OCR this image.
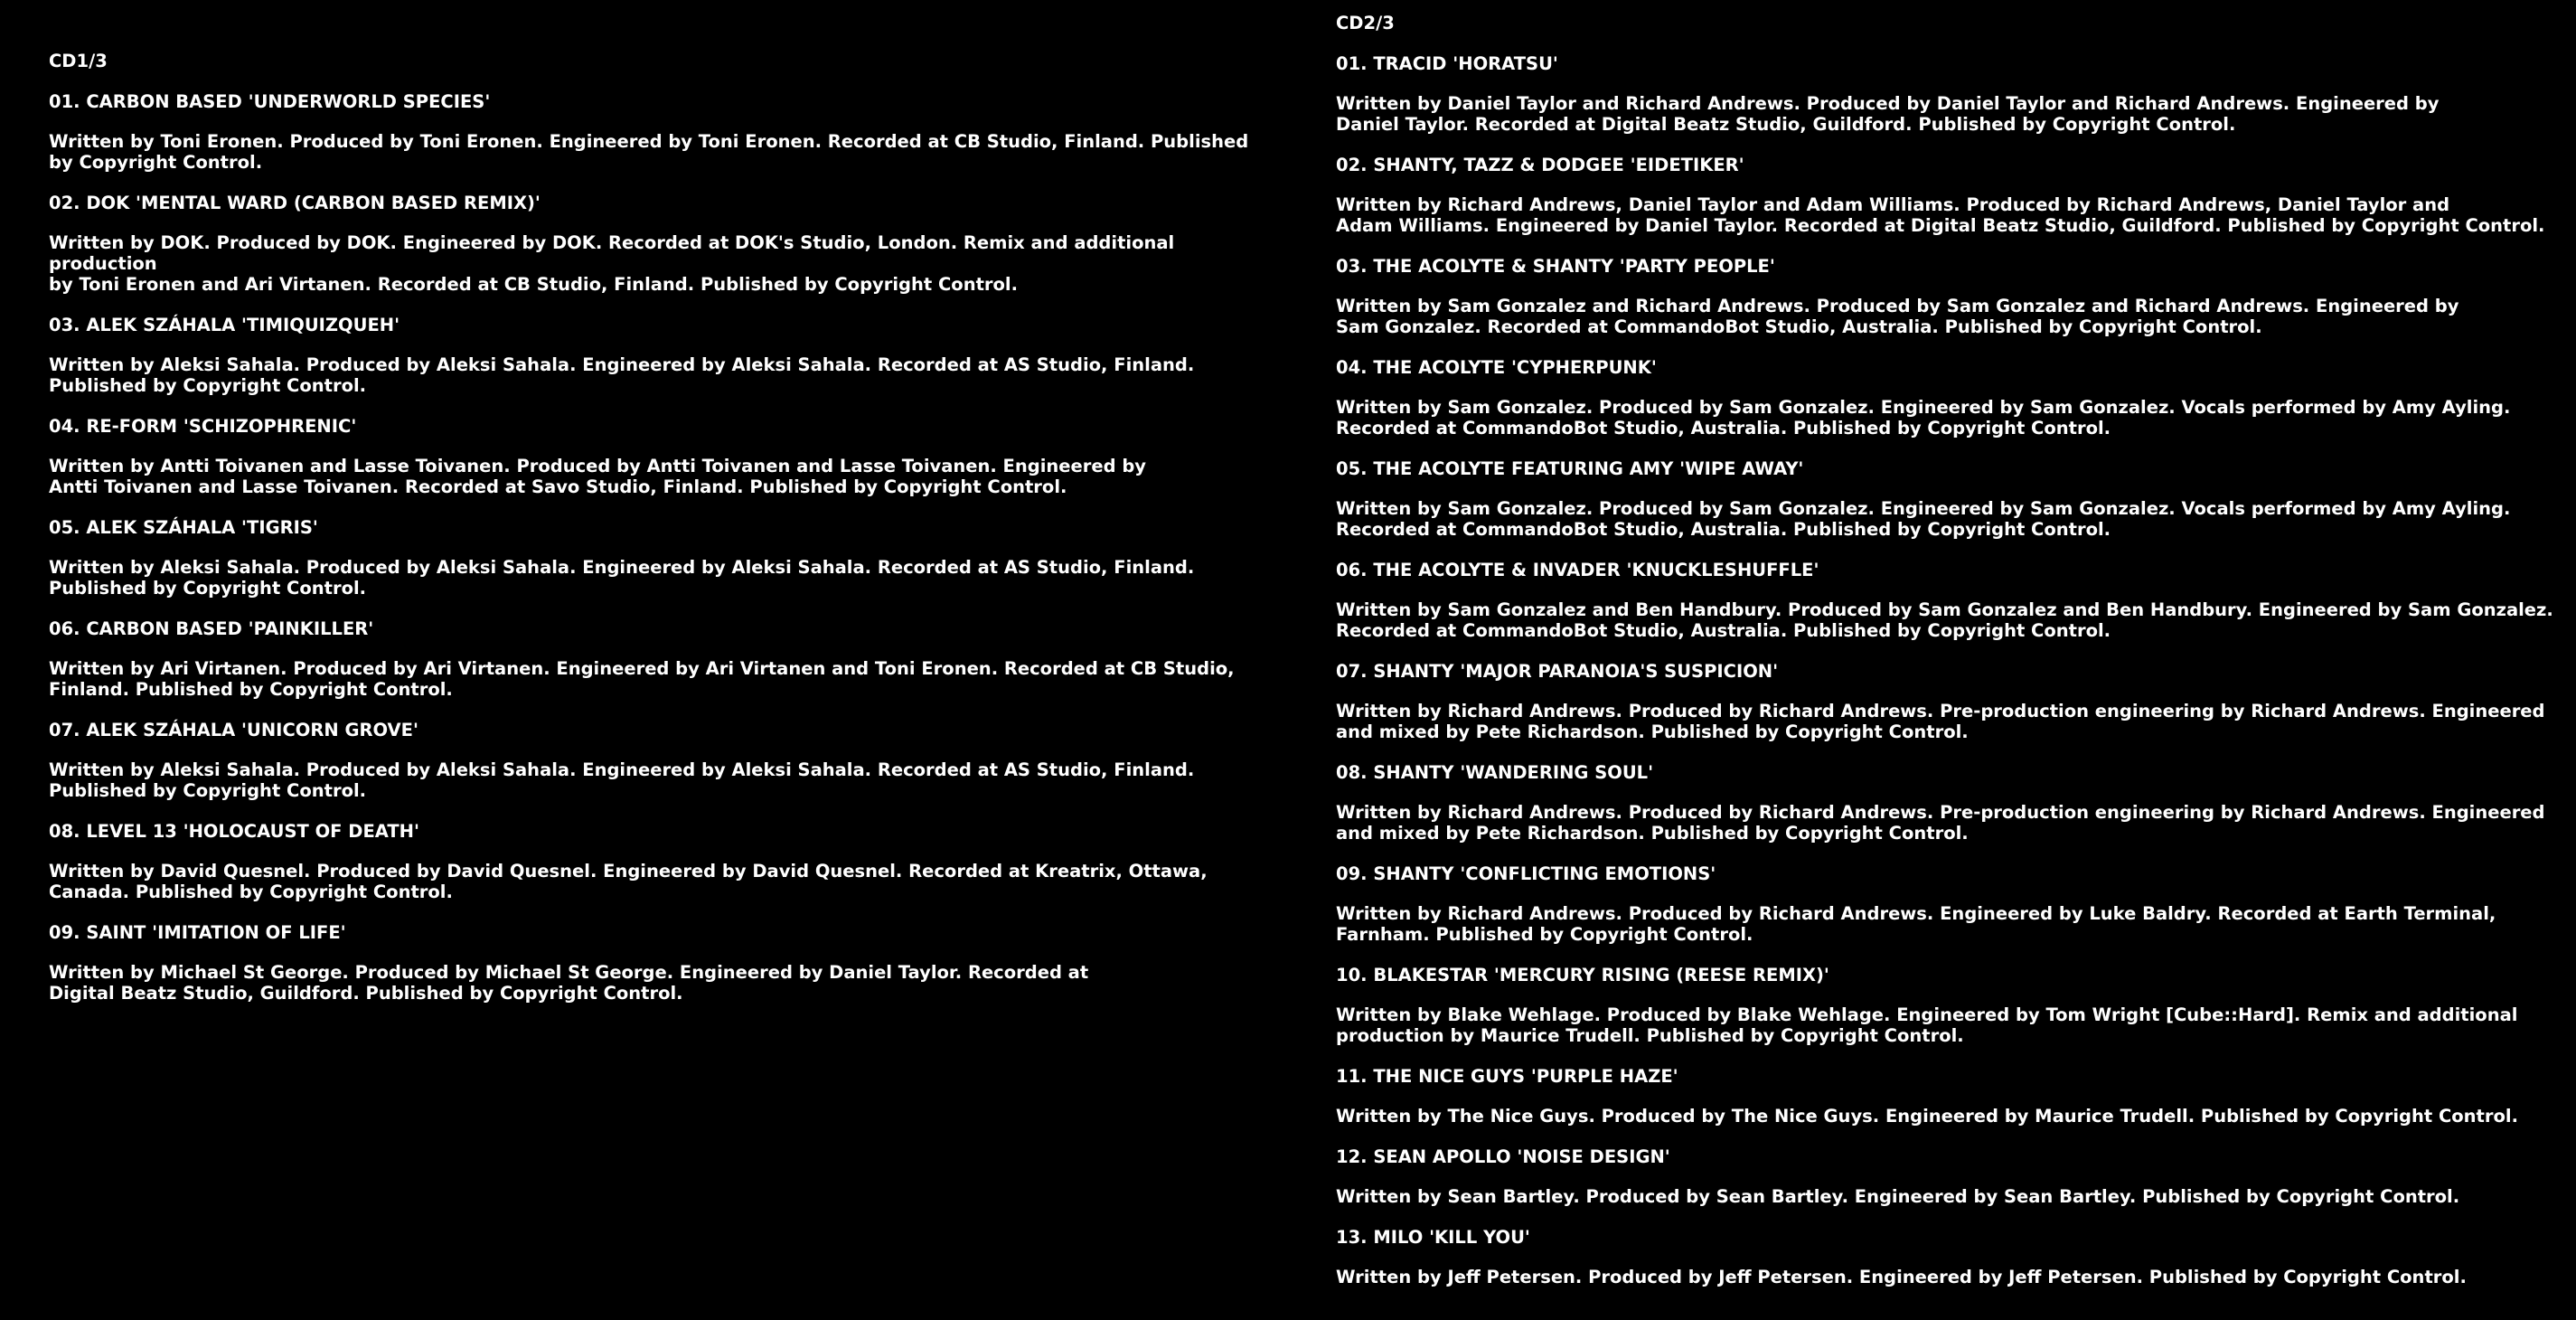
CD1/3
01. CARBON BASED 'UNDERWORLD SPECIES'
Written by Toni Eronen. Produced by Toni Eronen. Engineered by Toni Eronen. Recorded at CB Studio, Finland. Published
by Copyright Control.
02. DOK 'MENTAL WARD (CARBON BASED REMIX)'
Written by DOK. Produced by DOK. Engineered by DOK. Recorded at DOK's Studio, London. Remix and additional production
by Toni Eronen and Ari Virtanen. Recorded at CB Studio, Finland. Published by Copyright Control.
03. ALEK SZÁHALA 'TIMIQUIZQUEH'
Written by Aleksi Sahala. Produced by Aleksi Sahala. Engineered by Aleksi Sahala. Recorded at AS Studio, Finland.
Published by Copyright Control.
04. RE-FORM 'SCHIZOPHRENIC'
Written by Antti Toivanen and Lasse Toivanen. Produced by Antti Toivanen and Lasse Toivanen. Engineered by
Antti Toivanen and Lasse Toivanen. Recorded at Savo Studio, Finland. Published by Copyright Control.
05. ALEK SZÁHALA 'TIGRIS'
Written by Aleksi Sahala. Produced by Aleksi Sahala. Engineered by Aleksi Sahala. Recorded at AS Studio, Finland.
Published by Copyright Control.
06. CARBON BASED 'PAINKILLER'
Written by Ari Virtanen. Produced by Ari Virtanen. Engineered by Ari Virtanen and Toni Eronen. Recorded at CB Studio,
Finland. Published by Copyright Control.
07. ALEK SZÁHALA 'UNICORN GROVE'
Written by Aleksi Sahala. Produced by Aleksi Sahala. Engineered by Aleksi Sahala. Recorded at AS Studio, Finland.
Published by Copyright Control.
08. LEVEL 13 'HOLOCAUST OF DEATH'
Written by David Quesnel. Produced by David Quesnel. Engineered by David Quesnel. Recorded at Kreatrix, Ottawa,
Canada. Published by Copyright Control.
09. SAINT 'IMITATION OF LIFE'
Written by Michael St George. Produced by Michael St George. Engineered by Daniel Taylor. Recorded at
Digital Beatz Studio, Guildford. Published by Copyright Control.
CD2/3
01. TRACID 'HORATSU'
Written by Daniel Taylor and Richard Andrews. Produced by Daniel Taylor and Richard Andrews. Engineered by
Daniel Taylor. Recorded at Digital Beatz Studio, Guildford. Published by Copyright Control.
02. SHANTY, TAZZ & DODGEE 'EIDETIKER'
Written by Richard Andrews, Daniel Taylor and Adam Williams. Produced by Richard Andrews, Daniel Taylor and
Adam Williams. Engineered by Daniel Taylor. Recorded at Digital Beatz Studio, Guildford. Published by Copyright Control.
03. THE ACOLYTE & SHANTY 'PARTY PEOPLE'
Written by Sam Gonzalez and Richard Andrews. Produced by Sam Gonzalez and Richard Andrews. Engineered by
Sam Gonzalez. Recorded at CommandoBot Studio, Australia. Published by Copyright Control.
04. THE ACOLYTE 'CYPHERPUNK'
Written by Sam Gonzalez. Produced by Sam Gonzalez. Engineered by Sam Gonzalez. Vocals performed by Amy Ayling.
Recorded at CommandoBot Studio, Australia. Published by Copyright Control.
05. THE ACOLYTE FEATURING AMY 'WIPE AWAY'
Written by Sam Gonzalez. Produced by Sam Gonzalez. Engineered by Sam Gonzalez. Vocals performed by Amy Ayling.
Recorded at CommandoBot Studio, Australia. Published by Copyright Control.
06. THE ACOLYTE & INVADER 'KNUCKLESHUFFLE'
Written by Sam Gonzalez and Ben Handbury. Produced by Sam Gonzalez and Ben Handbury. Engineered by Sam Gonzalez.
Recorded at CommandoBot Studio, Australia. Published by Copyright Control.
07. SHANTY 'MAJOR PARANOIA'S SUSPICION'
Written by Richard Andrews. Produced by Richard Andrews. Pre-production engineering by Richard Andrews. Engineered
and mixed by Pete Richardson. Published by Copyright Control.
08. SHANTY 'WANDERING SOUL'
Written by Richard Andrews. Produced by Richard Andrews. Pre-production engineering by Richard Andrews. Engineered
and mixed by Pete Richardson. Published by Copyright Control.
09. SHANTY 'CONFLICTING EMOTIONS'
Written by Richard Andrews. Produced by Richard Andrews. Engineered by Luke Baldry. Recorded at Earth Terminal,
Farnham. Published by Copyright Control.
10. BLAKESTAR 'MERCURY RISING (REESE REMIX)'
Written by Blake Wehlage. Produced by Blake Wehlage. Engineered by Tom Wright [Cube::Hard]. Remix and additional
production by Maurice Trudell. Published by Copyright Control.
11. THE NICE GUYS 'PURPLE HAZE'
Written by The Nice Guys. Produced by The Nice Guys. Engineered by Maurice Trudell. Published by Copyright Control.
12. SEAN APOLLO 'NOISE DESIGN'
Written by Sean Bartley. Produced by Sean Bartley. Engineered by Sean Bartley. Published by Copyright Control.
13. MILO 'KILL YOU'
Written by Jeff Petersen. Produced by Jeff Petersen. Engineered by Jeff Petersen. Published by Copyright Control.
